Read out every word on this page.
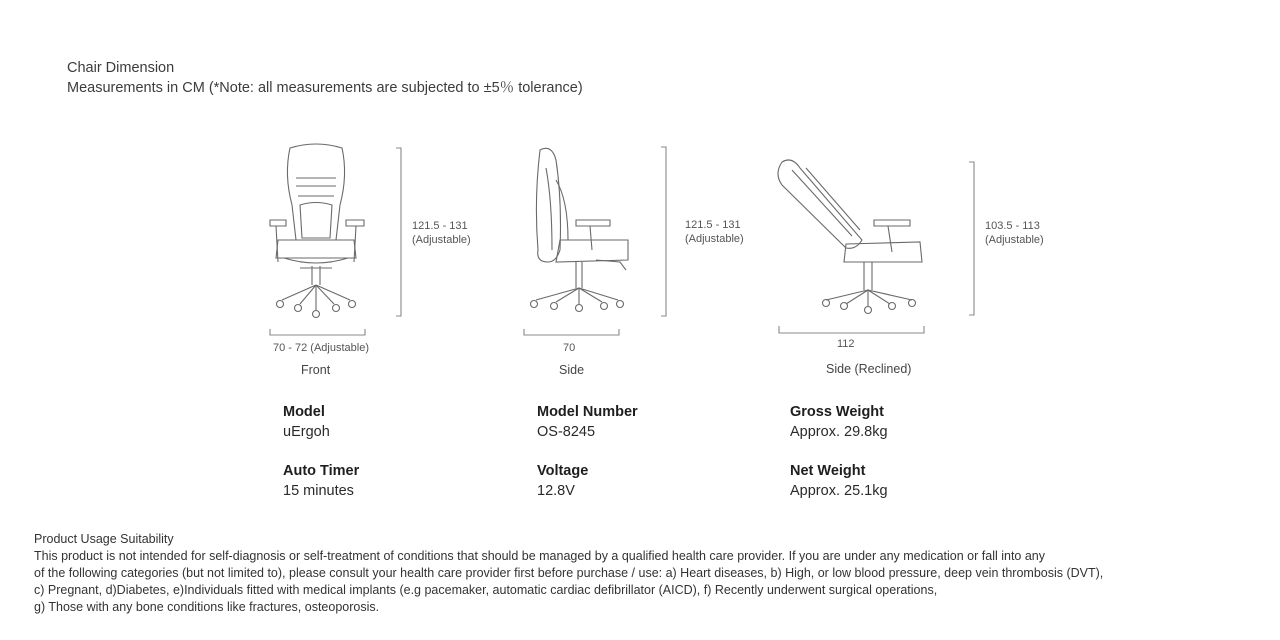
Chair Dimension
Measurements in CM (*Note: all measurements are subjected to ±5％ tolerance)
121.5 - 131
(Adjustable)
70 - 72 (Adjustable)
Front
121.5 - 131
(Adjustable)
70
Side
103.5 - 113
(Adjustable)
112
Side (Reclined)
Model
uErgoh
Model Number
OS-8245
Gross Weight
Approx. 29.8kg
Auto Timer
15 minutes
Voltage
12.8V
Net Weight
Approx. 25.1kg
Product Usage Suitability
This product is not intended for self-diagnosis or self-treatment of conditions that should be managed by a qualified health care provider. If you are under any medication or fall into any
of the following categories (but not limited to), please consult your health care provider first before purchase / use: a) Heart diseases, b) High, or low blood pressure, deep vein thrombosis (DVT),
c) Pregnant, d)Diabetes, e)Individuals fitted with medical implants (e.g pacemaker, automatic cardiac defibrillator (AICD), f) Recently underwent surgical operations,
g) Those with any bone conditions like fractures, osteoporosis.
